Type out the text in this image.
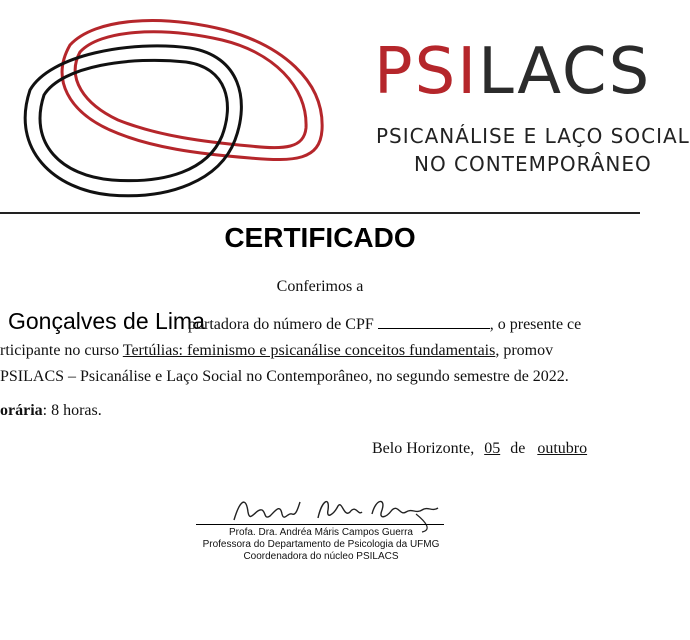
PSILACS
PSICANÁLISE E LAÇO SOCIAL
NO CONTEMPORÂNEO
CERTIFICADO
Conferimos a
Gonçalves de Lima
portadora do número de CPF	, o presente ce
rticipante no curso Tertúlias: feminismo e psicanálise conceitos fundamentais, promov
PSILACS – Psicanálise e Laço Social no Contemporâneo, no segundo semestre de 2022.
orária: 8 horas.
Belo Horizonte, 05 de outubro
Profa. Dra. Andréa Máris Campos Guerra
Professora do Departamento de Psicologia da UFMG
Coordenadora do núcleo PSILACS
